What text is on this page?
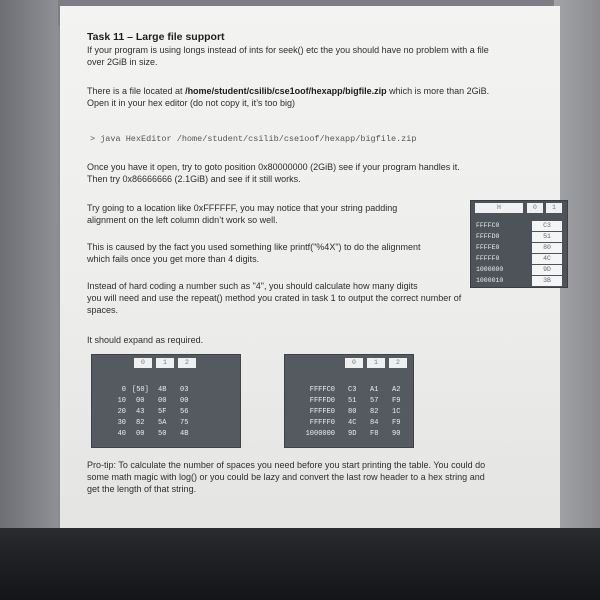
Task 11 – Large file support
If your program is using longs instead of ints for seek() etc the you should have no problem with a file
over 2GiB in size.
There is a file located at /home/student/csilib/cse1oof/hexapp/bigfile.zip which is more than 2GiB.
Open it in your hex editor (do not copy it, it’s too big)
> java HexEditor /home/student/csilib/cse1oof/hexapp/bigfile.zip
Once you have it open, try to goto position 0x80000000 (2GiB) see if your program handles it.
Then try 0x86666666 (2.1GiB) and see if it still works.
Try going to a location like 0xFFFFFF, you may notice that your string padding
alignment on the left column didn’t work so well.
This is caused by the fact you used something like printf("%4X") to do the alignment
which fails once you get more than 4 digits.
Instead of hard coding a number such as "4", you should calculate how many digits
you will need and use the repeat() method you crated in task 1 to output the correct number of
spaces.
It should expand as required.
H	0	1
FFFFC0	C3
FFFFD0	51
FFFFE0	80
FFFFF0	4C
1000000	9D
1000010	3B
0	1	2
0 [50] 4B 03
10 00 00 00
20 43 5F 56
30 82 5A 75
40 00 50 4B
0	1	2
FFFFC0 C3 A1 A2
FFFFD0 51 57 F9
FFFFE0 80 82 1C
FFFFF0 4C 84 F9
1000000 9D F8 90
Pro-tip: To calculate the number of spaces you need before you start printing the table. You could do
some math magic with log() or you could be lazy and convert the last row header to a hex string and
get the length of that string.
